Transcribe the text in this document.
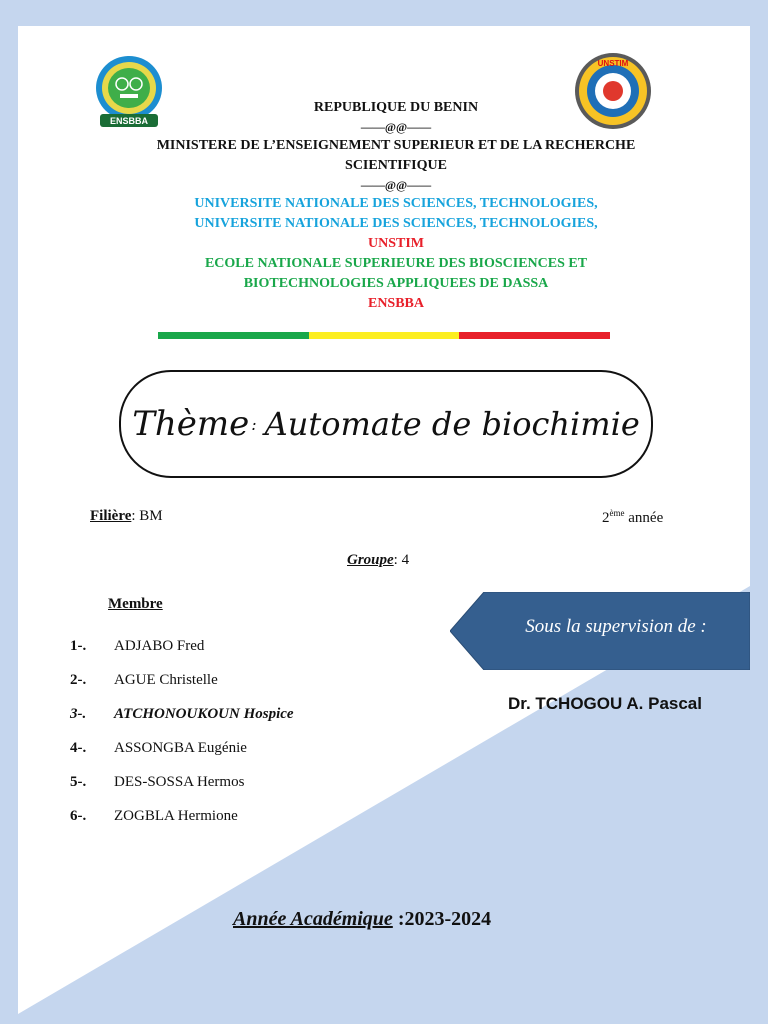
ENSBBA
UNSTIM
REPUBLIQUE DU BENIN
——@@——
MINISTERE DE L’ENSEIGNEMENT SUPERIEUR ET DE LA RECHERCHE
SCIENTIFIQUE
——@@——
UNIVERSITE NATIONALE DES SCIENCES, TECHNOLOGIES,
UNIVERSITE NATIONALE DES SCIENCES, TECHNOLOGIES,
UNSTIM
ECOLE NATIONALE SUPERIEURE DES BIOSCIENCES ET
BIOTECHNOLOGIES APPLIQUEES DE DASSA
ENSBBA
Thème : Automate de biochimie
Filière: BM	2ème année
Groupe: 4
Membre
1-.	ADJABO Fred
2-.	AGUE Christelle
3-.	ATCHONOUKOUN Hospice
4-.	ASSONGBA Eugénie
5-.	DES-SOSSA Hermos
6-.	ZOGBLA Hermione
Sous la supervision de :
Dr. TCHOGOU A. Pascal
Année Académique :2023-2024
